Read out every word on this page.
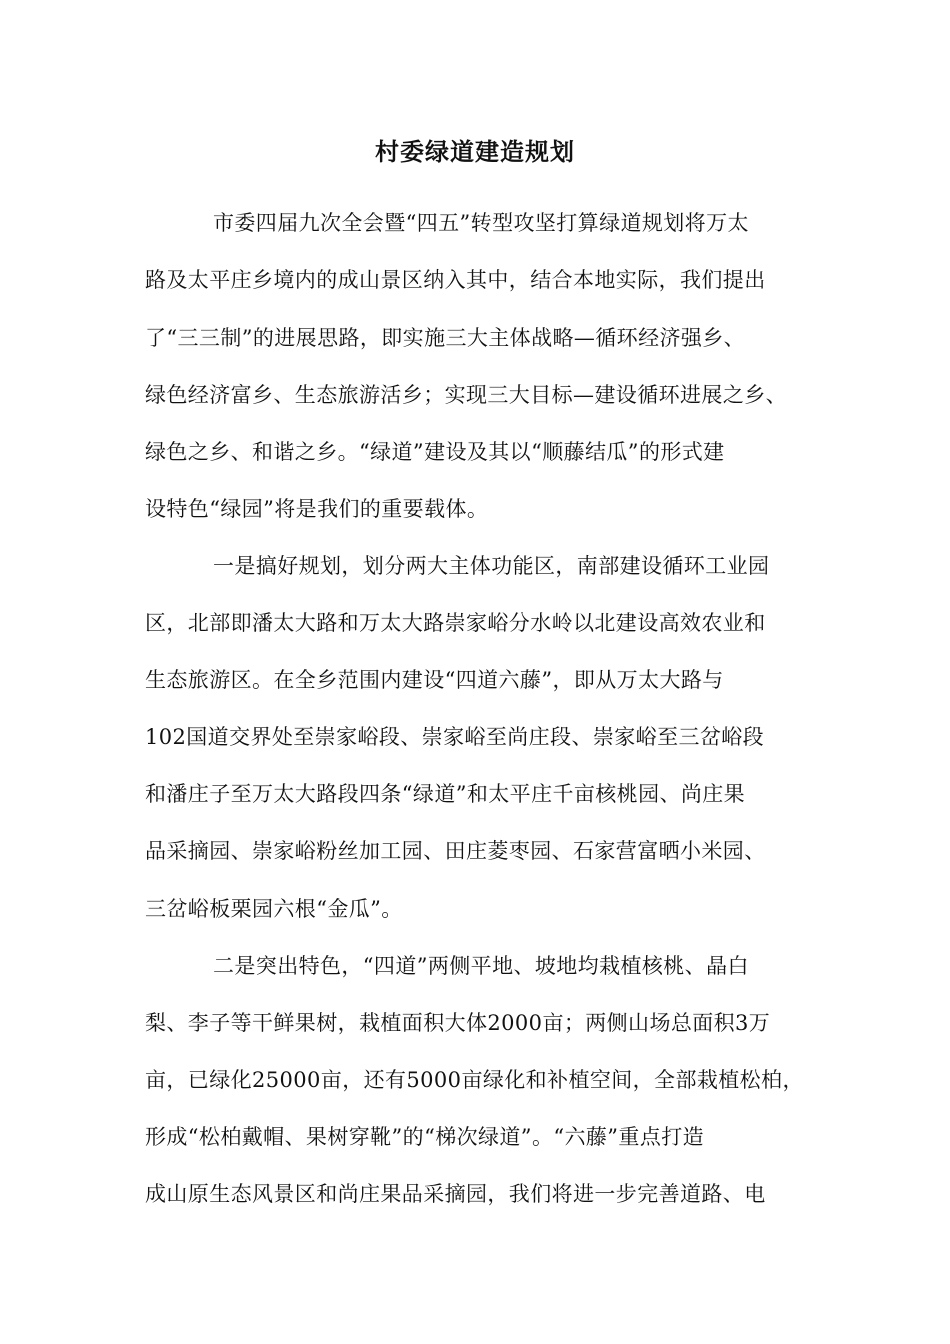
村委绿道建造规划
市委四届九次全会暨“四五”转型攻坚打算绿道规划将万太
路及太平庄乡境内的成山景区纳入其中，结合本地实际，我们提出
了“三三制”的进展思路，即实施三大主体战略—循环经济强乡、
绿色经济富乡、生态旅游活乡；实现三大目标—建设循环进展之乡、
绿色之乡、和谐之乡。“绿道”建设及其以“顺藤结瓜”的形式建
设特色“绿园”将是我们的重要载体。
一是搞好规划，划分两大主体功能区，南部建设循环工业园
区，北部即潘太大路和万太大路崇家峪分水岭以北建设高效农业和
生态旅游区。在全乡范围内建设“四道六藤”，即从万太大路与
102国道交界处至崇家峪段、崇家峪至尚庄段、崇家峪至三岔峪段
和潘庄子至万太大路段四条“绿道”和太平庄千亩核桃园、尚庄果
品采摘园、崇家峪粉丝加工园、田庄菱枣园、石家营富晒小米园、
三岔峪板栗园六根“金瓜”。
二是突出特色，“四道”两侧平地、坡地均栽植核桃、晶白
梨、李子等干鲜果树，栽植面积大体2000亩；两侧山场总面积3万
亩，已绿化25000亩，还有5000亩绿化和补植空间，全部栽植松柏，
形成“松柏戴帽、果树穿靴”的“梯次绿道”。“六藤”重点打造
成山原生态风景区和尚庄果品采摘园，我们将进一步完善道路、电
